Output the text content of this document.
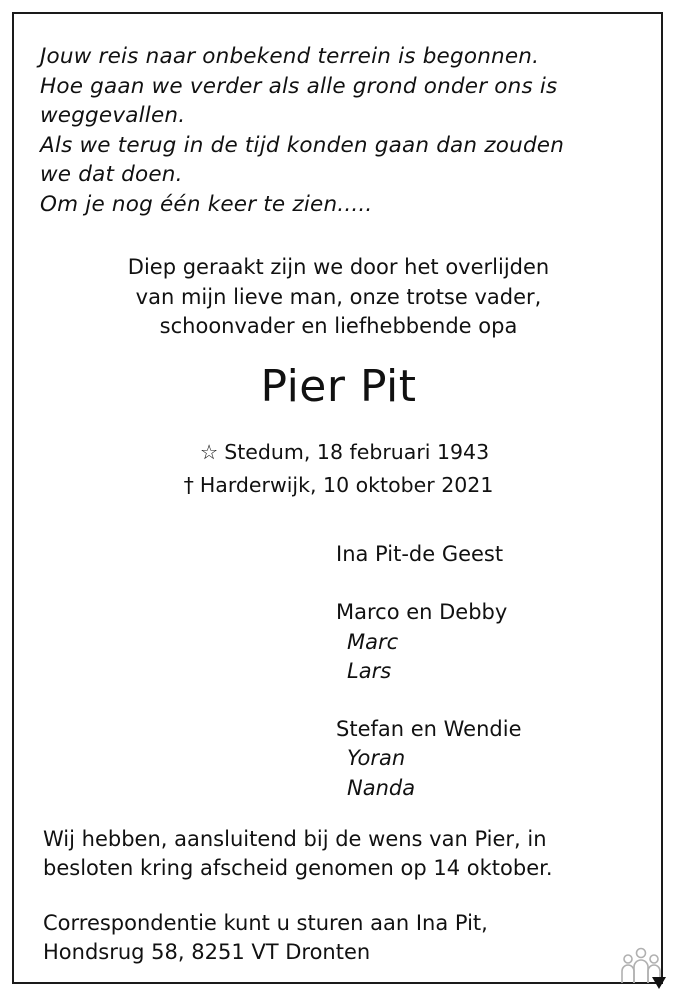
Jouw reis naar onbekend terrein is begonnen.
Hoe gaan we verder als alle grond onder ons is
weggevallen.
Als we terug in de tijd konden gaan dan zouden
we dat doen.
Om je nog één keer te zien.....
Diep geraakt zijn we door het overlijden
van mijn lieve man, onze trotse vader,
schoonvader en liefhebbende opa
Pier Pit
☆ Stedum, 18 februari 1943
† Harderwijk, 10 oktober 2021
Ina Pit-de Geest
Marco en Debby
Marc
Lars
Stefan en Wendie
Yoran
Nanda
Wij hebben, aansluitend bij de wens van Pier, in
besloten kring afscheid genomen op 14 oktober.
Correspondentie kunt u sturen aan Ina Pit,
Hondsrug 58, 8251 VT Dronten
